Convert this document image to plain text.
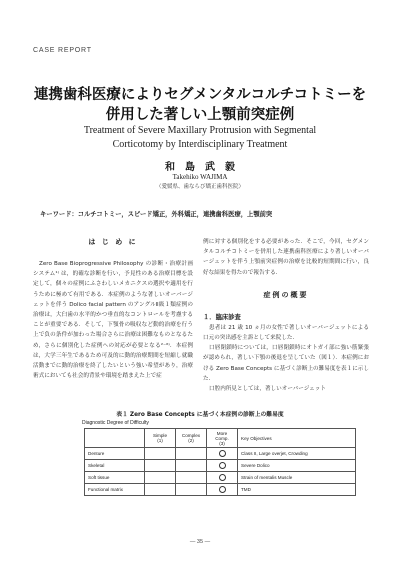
CASE REPORT
連携歯科医療によりセグメンタルコルチコトミーを
併用した著しい上顎前突症例
Treatment of Severe Maxillary Protrusion with Segmental
Corticotomy by Interdisciplinary Treatment
和島武毅
Takehiko WAJIMA
（愛媛県、歯ならび矯正歯科医院）
キーワード：コルチコトミー，スピード矯正，外科矯正，連携歯科医療，上顎前突
は じ め に

Zero Base Bioprogressive Philosophy の診断・治療計画システム¹⁾ は，的確な診断を行い，予見性のある治療目標を設定して，個々の症例にふさわしいメカニクスの選択や適用を行うために極めて有用である．本症例のような著しいオーバージェットを伴う Dolico facial pattern のアングルⅡ級１類症例の治療は，大臼歯の水平的かつ垂直的なコントロールを考慮することが重要である．そして，下顎骨の吸収など動的治療を行う上で負の条件が加わった場合さらに治療は困難なものとなるため，さらに個別化した症例への対応が必要となる²⁻⁶⁾．本症例は，大学三年生であるため可及的に動的治療期間を短縮し就職活動までに動的治療を終了したいという強い希望があり，治療術式においても社会的背景や環境を踏まえた上で症

例に対する個別化をする必要があった．そこで，今回，セグメンタルコルチコトミーを併用した連携歯科医療により著しいオーバージェットを伴う上顎前突症例の治療を比較的短期間に行い，良好な結果を得たので報告する．

症例の概要
１．臨床診査

患者は 21 歳 10 ヵ月の女性で著しいオーバージェットによる口元の突出感を主訴として来院した．

口唇閉鎖時については，口唇閉鎖時にオトガイ部に強い筋緊張が認められ，著しい下顎の後退を呈していた（図１）．本症例における Zero Base Concepts に基づく診断上の難易度を表１に示した．

口腔内所見としては，著しいオーバージェット

表１ Zero Base Concepts に基づく本症例の診断上の難易度
Diagnostic Degree of Difficulty
	Simple
(1)	Complex
(2)	More
Comp.
(3)	Key Objectives
Denture				Class II, Large overjet, Crowding
Skeletal				Severe Dolico
Soft tissue				Strain of mentalis Muscle
Functional matrix				TMD
— 35 —
